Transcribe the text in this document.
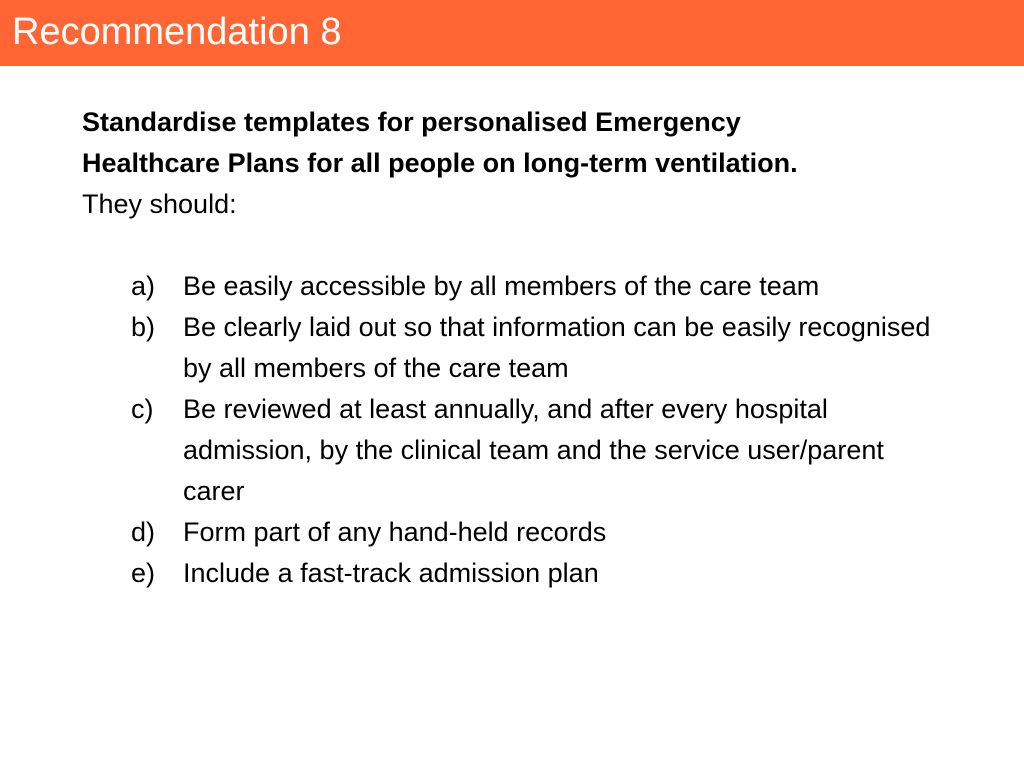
Recommendation 8

Standardise templates for personalised Emergency
Healthcare Plans for all people on long-term ventilation.
They should:

a) Be easily accessible by all members of the care team
b) Be clearly laid out so that information can be easily recognised by all members of the care team
c) Be reviewed at least annually, and after every hospital admission, by the clinical team and the service user/parent carer
d) Form part of any hand-held records
e) Include a fast-track admission plan
